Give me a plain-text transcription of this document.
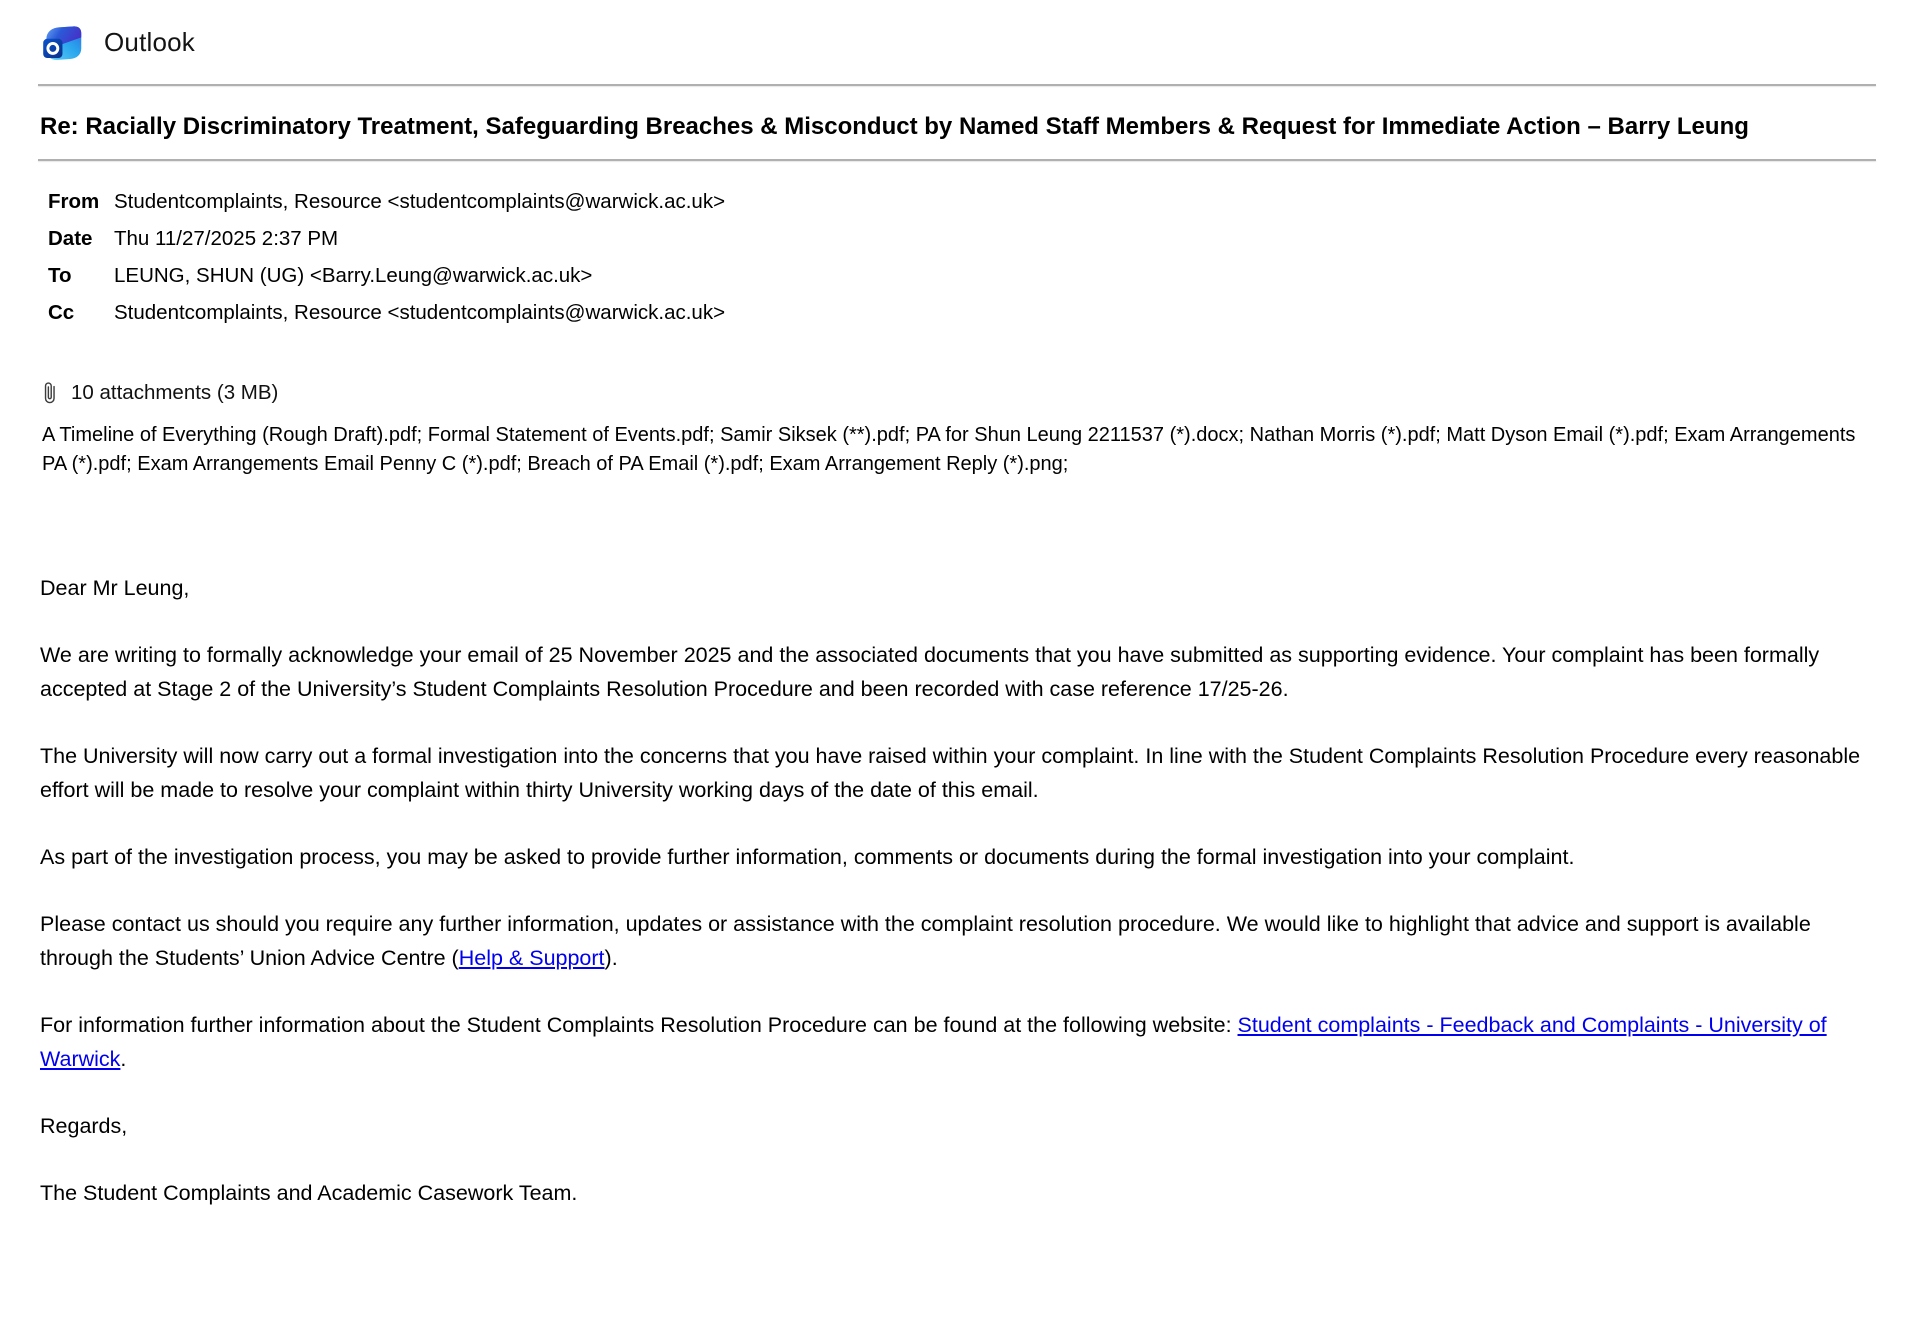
Outlook
Re: Racially Discriminatory Treatment, Safeguarding Breaches & Misconduct by Named Staff Members & Request for Immediate Action – Barry Leung
From Studentcomplaints, Resource <studentcomplaints@warwick.ac.uk>
Date	Thu 11/27/2025 2:37 PM
To	LEUNG, SHUN (UG) <Barry.Leung@warwick.ac.uk>
Cc	Studentcomplaints, Resource <studentcomplaints@warwick.ac.uk>
10 attachments (3 MB)
A Timeline of Everything (Rough Draft).pdf; Formal Statement of Events.pdf; Samir Siksek (**).pdf; PA for Shun Leung 2211537 (*).docx; Nathan Morris (*).pdf; Matt Dyson Email (*).pdf; Exam Arrangements PA (*).pdf; Exam Arrangements Email Penny C (*).pdf; Breach of PA Email (*).pdf; Exam Arrangement Reply (*).png;

Dear Mr Leung,

We are writing to formally acknowledge your email of 25 November 2025 and the associated documents that you have submitted as supporting evidence. Your complaint has been formally accepted at Stage 2 of the University’s Student Complaints Resolution Procedure and been recorded with case reference 17/25-26.

The University will now carry out a formal investigation into the concerns that you have raised within your complaint. In line with the Student Complaints Resolution Procedure every reasonable effort will be made to resolve your complaint within thirty University working days of the date of this email.

As part of the investigation process, you may be asked to provide further information, comments or documents during the formal investigation into your complaint.

Please contact us should you require any further information, updates or assistance with the complaint resolution procedure. We would like to highlight that advice and support is available through the Students’ Union Advice Centre (Help & Support).

For information further information about the Student Complaints Resolution Procedure can be found at the following website: Student complaints - Feedback and Complaints - University of Warwick.

Regards,

The Student Complaints and Academic Casework Team.
